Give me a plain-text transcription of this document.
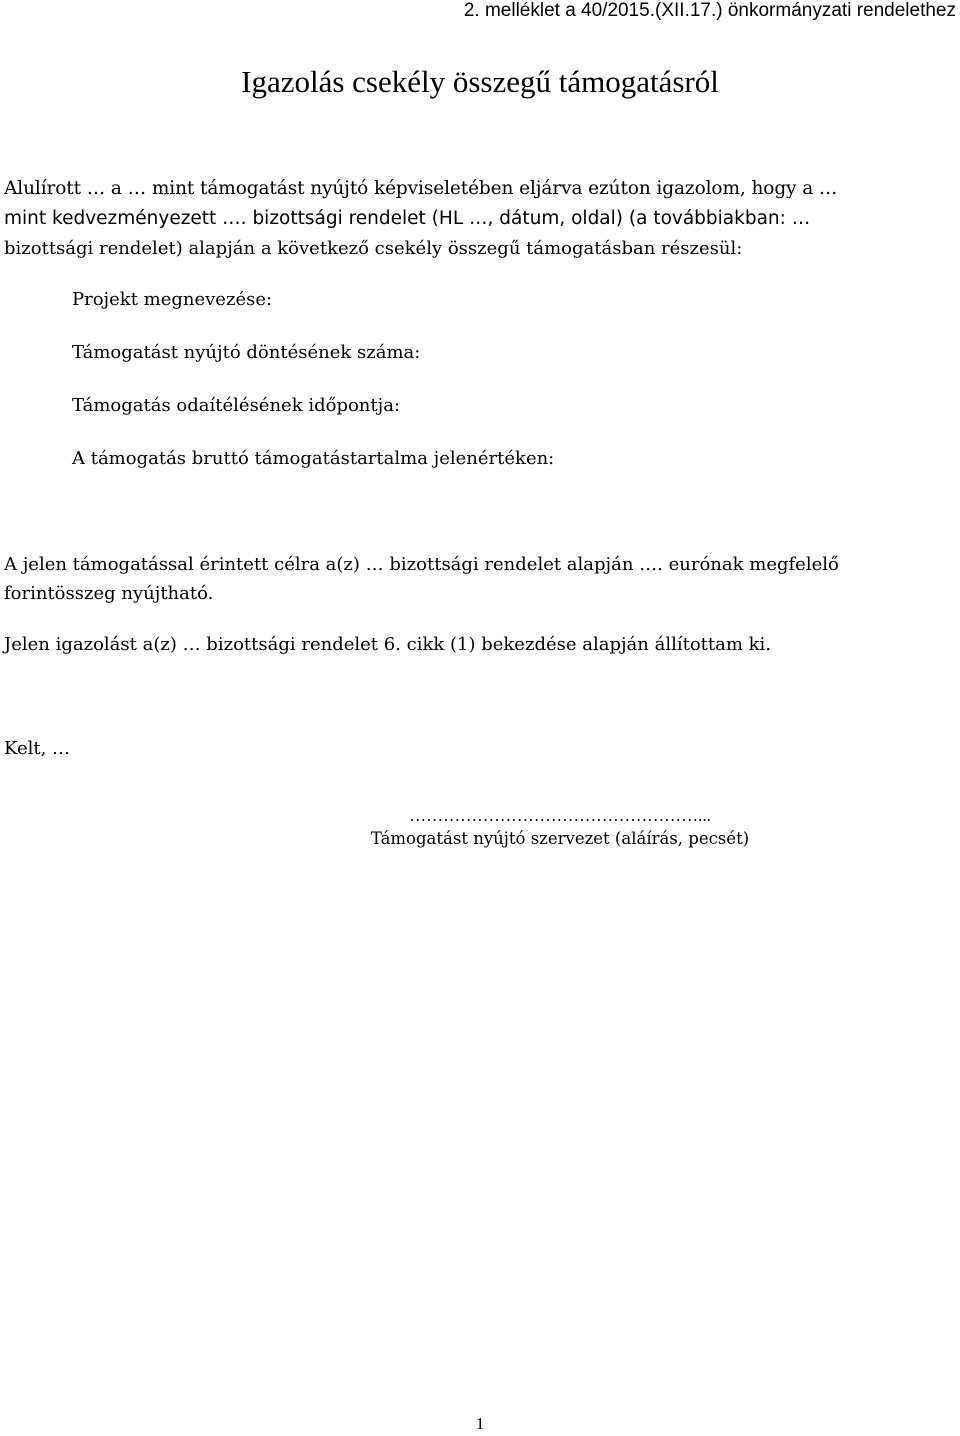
2. melléklet a 40/2015.(XII.17.) önkormányzati rendelethez
Igazolás csekély összegű támogatásról

Alulírott … a … mint támogatást nyújtó képviseletében eljárva ezúton igazolom, hogy a …
mint kedvezményezett …. bizottsági rendelet (HL …, dátum, oldal) (a továbbiakban: …
bizottsági rendelet) alapján a következő csekély összegű támogatásban részesül:

Projekt megnevezése:

Támogatást nyújtó döntésének száma:

Támogatás odaítélésének időpontja:

A támogatás bruttó támogatástartalma jelenértéken:

A jelen támogatással érintett célra a(z) … bizottsági rendelet alapján …. eurónak megfelelő
forintösszeg nyújtható.

Jelen igazolást a(z) … bizottsági rendelet 6. cikk (1) bekezdése alapján állítottam ki.

Kelt, …

……………………………………………...
Támogatást nyújtó szervezet (aláírás, pecsét)
1
